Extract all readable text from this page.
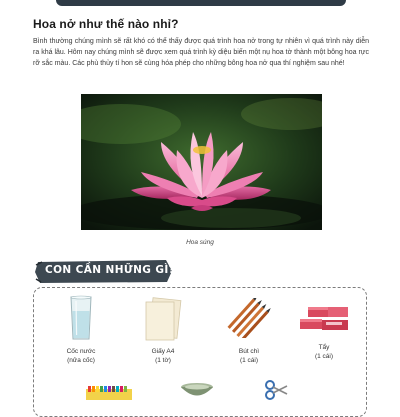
Hoa nở như thế nào nhỉ?

Bình thường chúng mình sẽ rất khó có thể thấy được quá trình hoa nở trong tự nhiên vì quá trình này diễn ra khá lâu. Hôm nay chúng mình sẽ được xem quá trình kỳ diệu biến một nụ hoa tờ thành một bông hoa rực rỡ sắc màu. Các phù thủy tí hon sẽ cùng hóa phép cho những bông hoa nở qua thí nghiệm sau nhé!

Hoa súng

CON CẦN NHỮNG GÌ?

Cốc nước
(nửa cốc)

Giấy A4
(1 tờ)

Bút chì
(1 cái)

Tẩy
(1 cái)
